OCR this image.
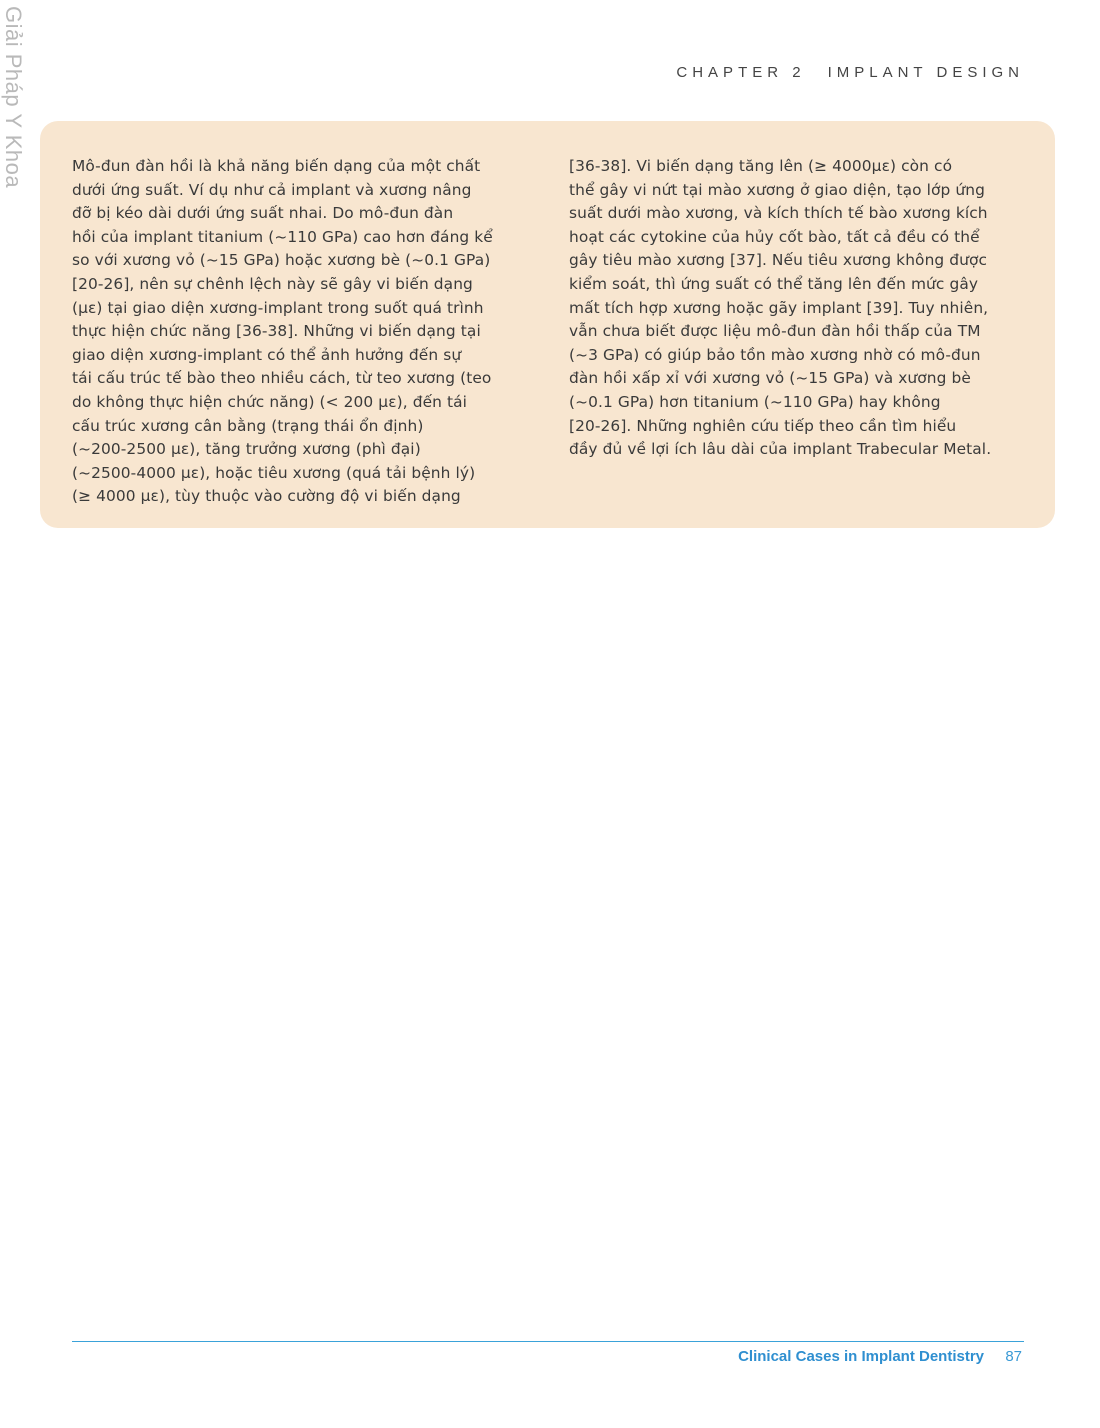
Giải Pháp Y Khoa	CHAPTER 2 IMPLANT DESIGN
Mô-đun đàn hồi là khả năng biến dạng của một chất
dưới ứng suất. Ví dụ như cả implant và xương nâng
đỡ bị kéo dài dưới ứng suất nhai. Do mô-đun đàn
hồi của implant titanium (~110 GPa) cao hơn đáng kể
so với xương vỏ (~15 GPa) hoặc xương bè (~0.1 GPa)
[20-26], nên sự chênh lệch này sẽ gây vi biến dạng
(με) tại giao diện xương-implant trong suốt quá trình
thực hiện chức năng [36-38]. Những vi biến dạng tại
giao diện xương-implant có thể ảnh hưởng đến sự
tái cấu trúc tế bào theo nhiều cách, từ teo xương (teo
do không thực hiện chức năng) (< 200 με), đến tái
cấu trúc xương cân bằng (trạng thái ổn định)
(~200-2500 με), tăng trưởng xương (phì đại)
(~2500-4000 με), hoặc tiêu xương (quá tải bệnh lý)
(≥ 4000 με), tùy thuộc vào cường độ vi biến dạng
[36-38]. Vi biến dạng tăng lên (≥ 4000με) còn có
thể gây vi nứt tại mào xương ở giao diện, tạo lớp ứng
suất dưới mào xương, và kích thích tế bào xương kích
hoạt các cytokine của hủy cốt bào, tất cả đều có thể
gây tiêu mào xương [37]. Nếu tiêu xương không được
kiểm soát, thì ứng suất có thể tăng lên đến mức gây
mất tích hợp xương hoặc gãy implant [39]. Tuy nhiên,
vẫn chưa biết được liệu mô-đun đàn hồi thấp của TM
(~3 GPa) có giúp bảo tồn mào xương nhờ có mô-đun
đàn hồi xấp xỉ với xương vỏ (~15 GPa) và xương bè
(~0.1 GPa) hơn titanium (~110 GPa) hay không
[20-26]. Những nghiên cứu tiếp theo cần tìm hiểu
đầy đủ về lợi ích lâu dài của implant Trabecular Metal.
Clinical Cases in Implant Dentistry 87
